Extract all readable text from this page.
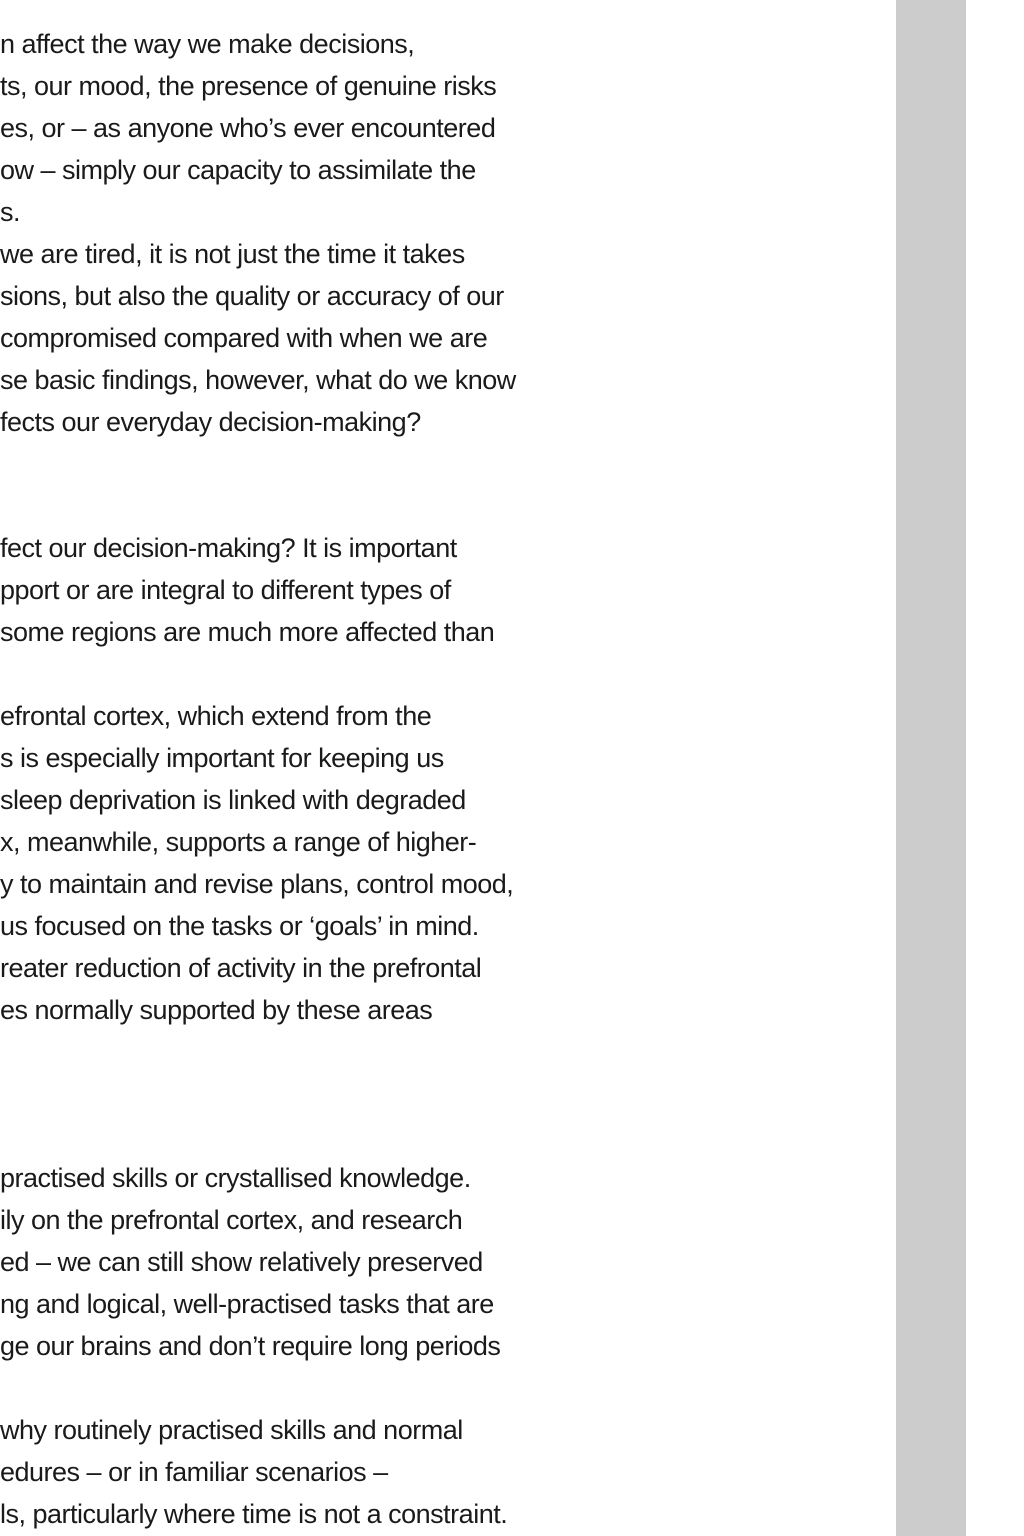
n affect the way we make decisions,
ts, our mood, the presence of genuine risks
es, or – as anyone who’s ever encountered
ow – simply our capacity to assimilate the
s.
we are tired, it is not just the time it takes
sions, but also the quality or accuracy of our
compromised compared with when we are
se basic findings, however, what do we know
fects our everyday decision-making?
fect our decision-making? It is important
pport or are integral to different types of
some regions are much more affected than
efrontal cortex, which extend from the
s is especially important for keeping us
sleep deprivation is linked with degraded
x, meanwhile, supports a range of higher-
y to maintain and revise plans, control mood,
us focused on the tasks or ‘goals’ in mind.
reater reduction of activity in the prefrontal
es normally supported by these areas
practised skills or crystallised knowledge.
ily on the prefrontal cortex, and research
ed – we can still show relatively preserved
ng and logical, well-practised tasks that are
ge our brains and don’t require long periods
why routinely practised skills and normal
edures – or in familiar scenarios –
ls, particularly where time is not a constraint.
